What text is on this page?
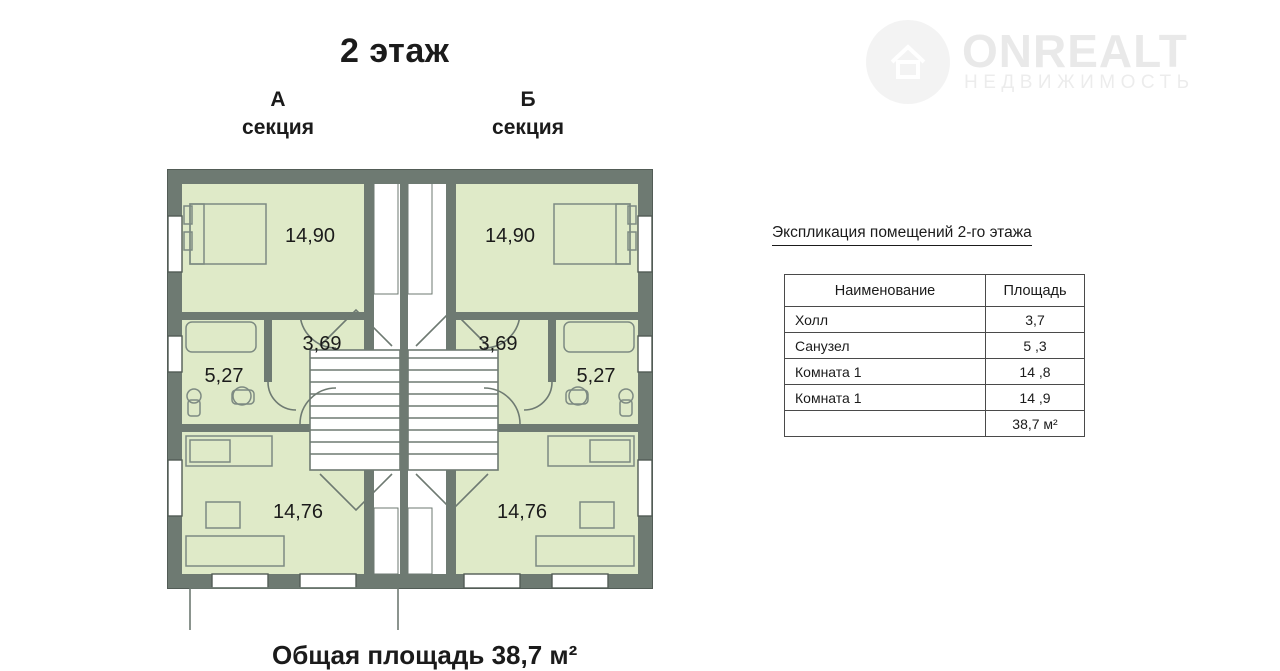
2 этаж
А
секция
Б
секция
ONREALT
НЕДВИЖИМОСТЬ
14,90	14,90
3,69	3,69
5,27	5,27
14,76	14,76
Экспликация помещений 2-го этажа
Наименование	Площадь
Холл	3,7
Санузел	5 ,3
Комната 1	14 ,8
Комната 1	14 ,9
	38,7 м²
Общая площадь 38,7 м²
